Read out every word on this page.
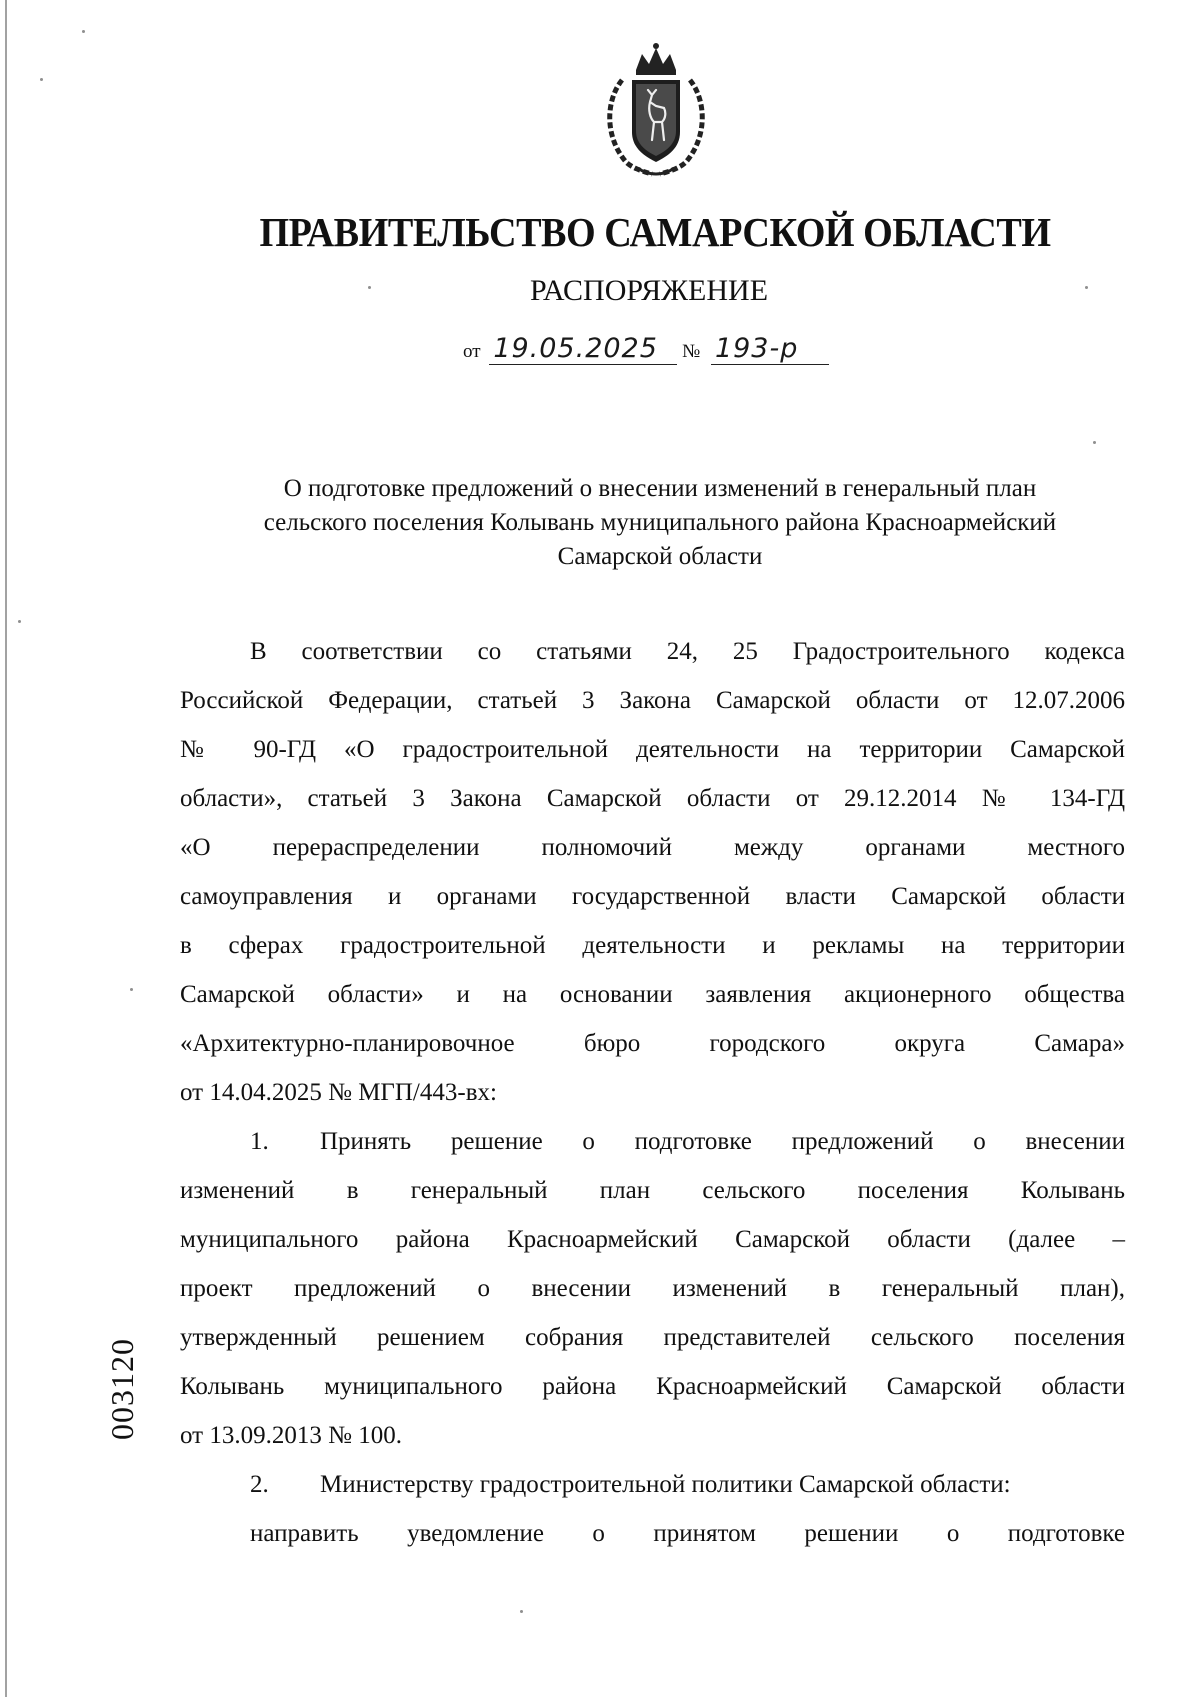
ПРАВИТЕЛЬСТВО САМАРСКОЙ ОБЛАСТИ
РАСПОРЯЖЕНИЕ
от 19.05.2025 № 193-р
О подготовке предложений о внесении изменений в генеральный план
сельского поселения Колывань муниципального района Красноармейский
Самарской области
В соответствии со статьями 24, 25 Градостроительного кодекса
Российской Федерации, статьей 3 Закона Самарской области от 12.07.2006
№ 90-ГД «О градостроительной деятельности на территории Самарской
области», статьей 3 Закона Самарской области от 29.12.2014 № 134-ГД
«О перераспределении полномочий между органами местного
самоуправления и органами государственной власти Самарской области
в сферах градостроительной деятельности и рекламы на территории
Самарской области» и на основании заявления акционерного общества
«Архитектурно-планировочное бюро городского округа Самара»
от 14.04.2025 № МГП/443-вх:
1. Принять решение о подготовке предложений о внесении
изменений в генеральный план сельского поселения Колывань
муниципального района Красноармейский Самарской области (далее –
проект предложений о внесении изменений в генеральный план),
утвержденный решением собрания представителей сельского поселения
Колывань муниципального района Красноармейский Самарской области
от 13.09.2013 № 100.
2. Министерству градостроительной политики Самарской области:
направить уведомление о принятом решении о подготовке
003120
